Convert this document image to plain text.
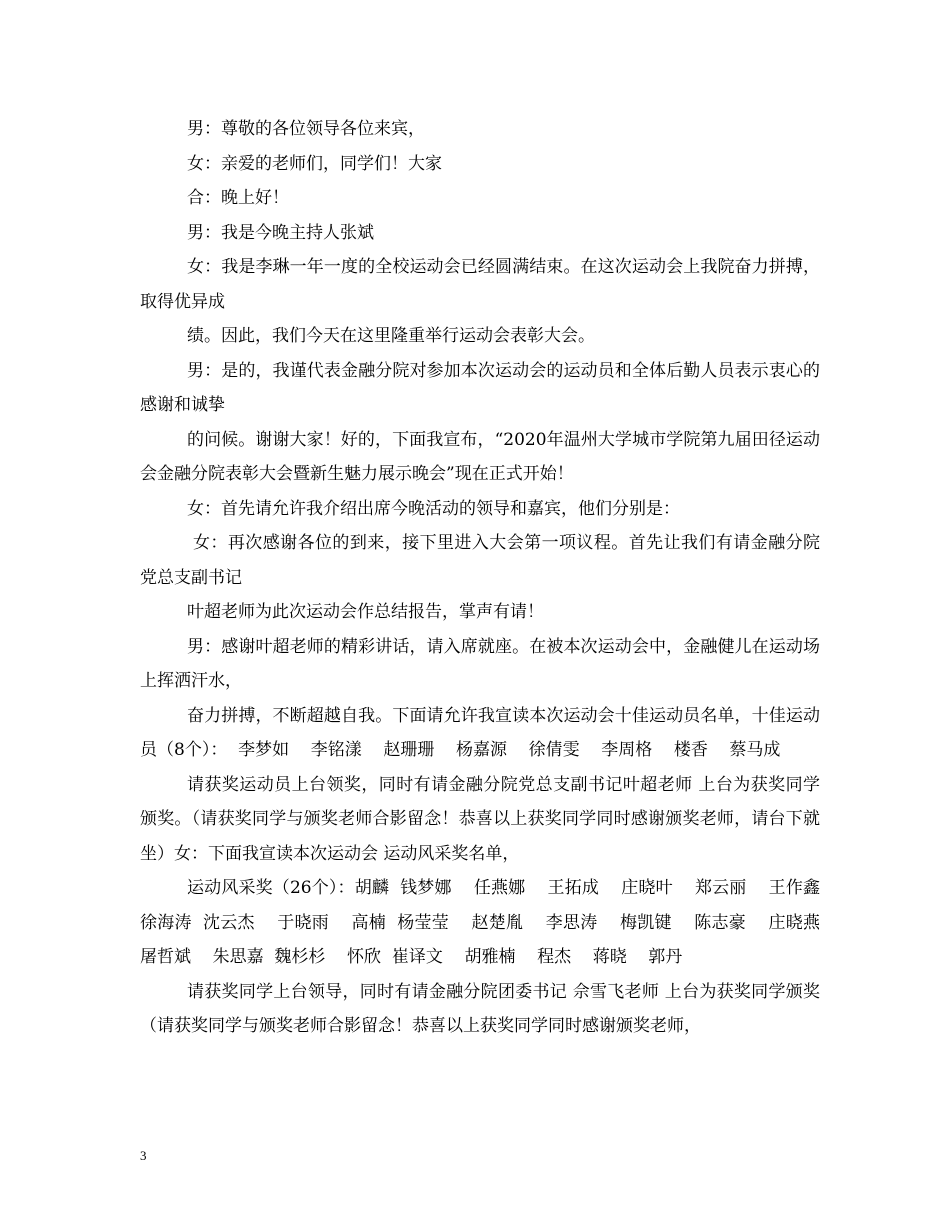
男：尊敬的各位领导各位来宾，

女：亲爱的老师们，同学们！大家

合：晚上好！

男：我是今晚主持人张斌

女：我是李琳一年一度的全校运动会已经圆满结束。在这次运动会上我院奋力拼搏，取得优异成

绩。因此，我们今天在这里隆重举行运动会表彰大会。

男：是的，我谨代表金融分院对参加本次运动会的运动员和全体后勤人员表示衷心的感谢和诚挚

的问候。谢谢大家！好的，下面我宣布，“2020年温州大学城市学院第九届田径运动会金融分院表彰大会暨新生魅力展示晚会”现在正式开始！

女：首先请允许我介绍出席今晚活动的领导和嘉宾，他们分别是：

女：再次感谢各位的到来，接下里进入大会第一项议程。首先让我们有请金融分院党总支副书记

叶超老师为此次运动会作总结报告，掌声有请！

男：感谢叶超老师的精彩讲话，请入席就座。在被本次运动会中，金融健儿在运动场上挥洒汗水，

奋力拼搏，不断超越自我。下面请允许我宣读本次运动会十佳运动员名单，十佳运动员（8个）：  李梦如    李铭漾    赵珊珊    杨嘉源    徐倩雯    李周格    楼香    蔡马成

请获奖运动员上台领奖，同时有请金融分院党总支副书记叶超老师 上台为获奖同学颁奖。（请获奖同学与颁奖老师合影留念！恭喜以上获奖同学同时感谢颁奖老师，请台下就坐）女：下面我宣读本次运动会 运动风采奖名单，

运动风采奖（26个）：胡麟  钱梦娜    任燕娜    王拓成    庄晓叶    郑云丽    王作鑫    徐海涛  沈云杰    于晓雨    高楠  杨莹莹    赵楚胤    李思涛    梅凯键    陈志豪    庄晓燕    屠哲斌    朱思嘉  魏杉杉    怀欣  崔译文    胡雅楠    程杰    蒋晓    郭丹

请获奖同学上台领导，同时有请金融分院团委书记 佘雪飞老师 上台为获奖同学颁奖（请获奖同学与颁奖老师合影留念！恭喜以上获奖同学同时感谢颁奖老师，

3
